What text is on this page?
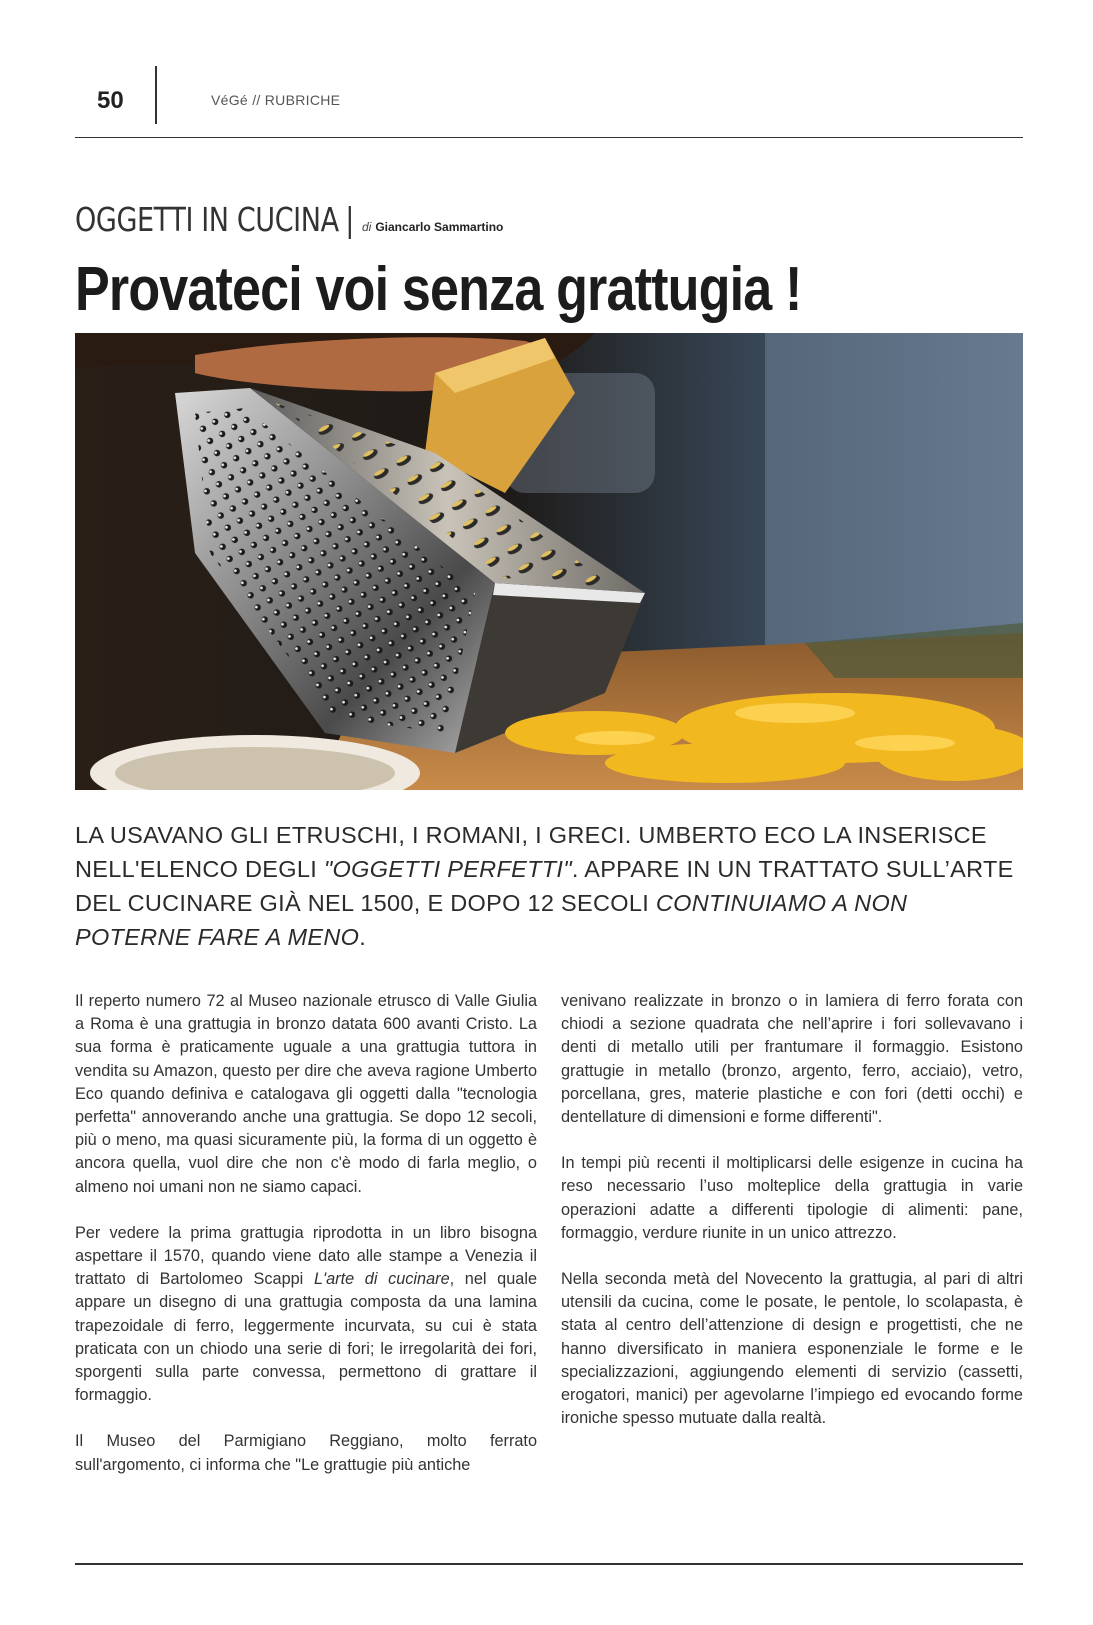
50	VéGé // RUBRICHE
OGGETTI IN CUCINA | di Giancarlo Sammartino
Provateci voi senza grattugia !
LA USAVANO GLI ETRUSCHI, I ROMANI, I GRECI. UMBERTO ECO LA INSERISCE NELL'ELENCO DEGLI "OGGETTI PERFETTI". APPARE IN UN TRATTATO SULL’ARTE DEL CUCINARE GIÀ NEL 1500, E DOPO 12 SECOLI CONTINUIAMO A NON POTERNE FARE A MENO.

Il reperto numero 72 al Museo nazionale etrusco di Valle Giulia a Roma è una grattugia in bronzo datata 600 avanti Cristo. La sua forma è praticamente uguale a una grattugia tuttora in vendita su Amazon, questo per dire che aveva ragione Umberto Eco quando definiva e catalogava gli oggetti dalla "tecnologia perfetta" annoverando anche una grattugia. Se dopo 12 secoli, più o meno, ma quasi sicuramente più, la forma di un oggetto è ancora quella, vuol dire che non c'è modo di farla meglio, o almeno noi umani non ne siamo capaci.

Per vedere la prima grattugia riprodotta in un libro bisogna aspettare il 1570, quando viene dato alle stampe a Venezia il trattato di Bartolomeo Scappi L'arte di cucinare, nel quale appare un disegno di una grattugia composta da una lamina trapezoidale di ferro, leggermente incurvata, su cui è stata praticata con un chiodo una serie di fori; le irregolarità dei fori, sporgenti sulla parte convessa, permettono di grattare il formaggio.

Il Museo del Parmigiano Reggiano, molto ferrato sull'argomento, ci informa che "Le grattugie più antiche

venivano realizzate in bronzo o in lamiera di ferro forata con chiodi a sezione quadrata che nell’aprire i fori sollevavano i denti di metallo utili per frantumare il formaggio. Esistono grattugie in metallo (bronzo, argento, ferro, acciaio), vetro, porcellana, gres, materie plastiche e con fori (detti occhi) e dentellature di dimensioni e forme differenti".

In tempi più recenti il moltiplicarsi delle esigenze in cucina ha reso necessario l’uso molteplice della grattugia in varie operazioni adatte a differenti tipologie di alimenti: pane, formaggio, verdure riunite in un unico attrezzo.

Nella seconda metà del Novecento la grattugia, al pari di altri utensili da cucina, come le posate, le pentole, lo scolapasta, è stata al centro dell’attenzione di design e progettisti, che ne hanno diversificato in maniera esponenziale le forme e le specializzazioni, aggiungendo elementi di servizio (cassetti, erogatori, manici) per agevolarne l’impiego ed evocando forme ironiche spesso mutuate dalla realtà.
